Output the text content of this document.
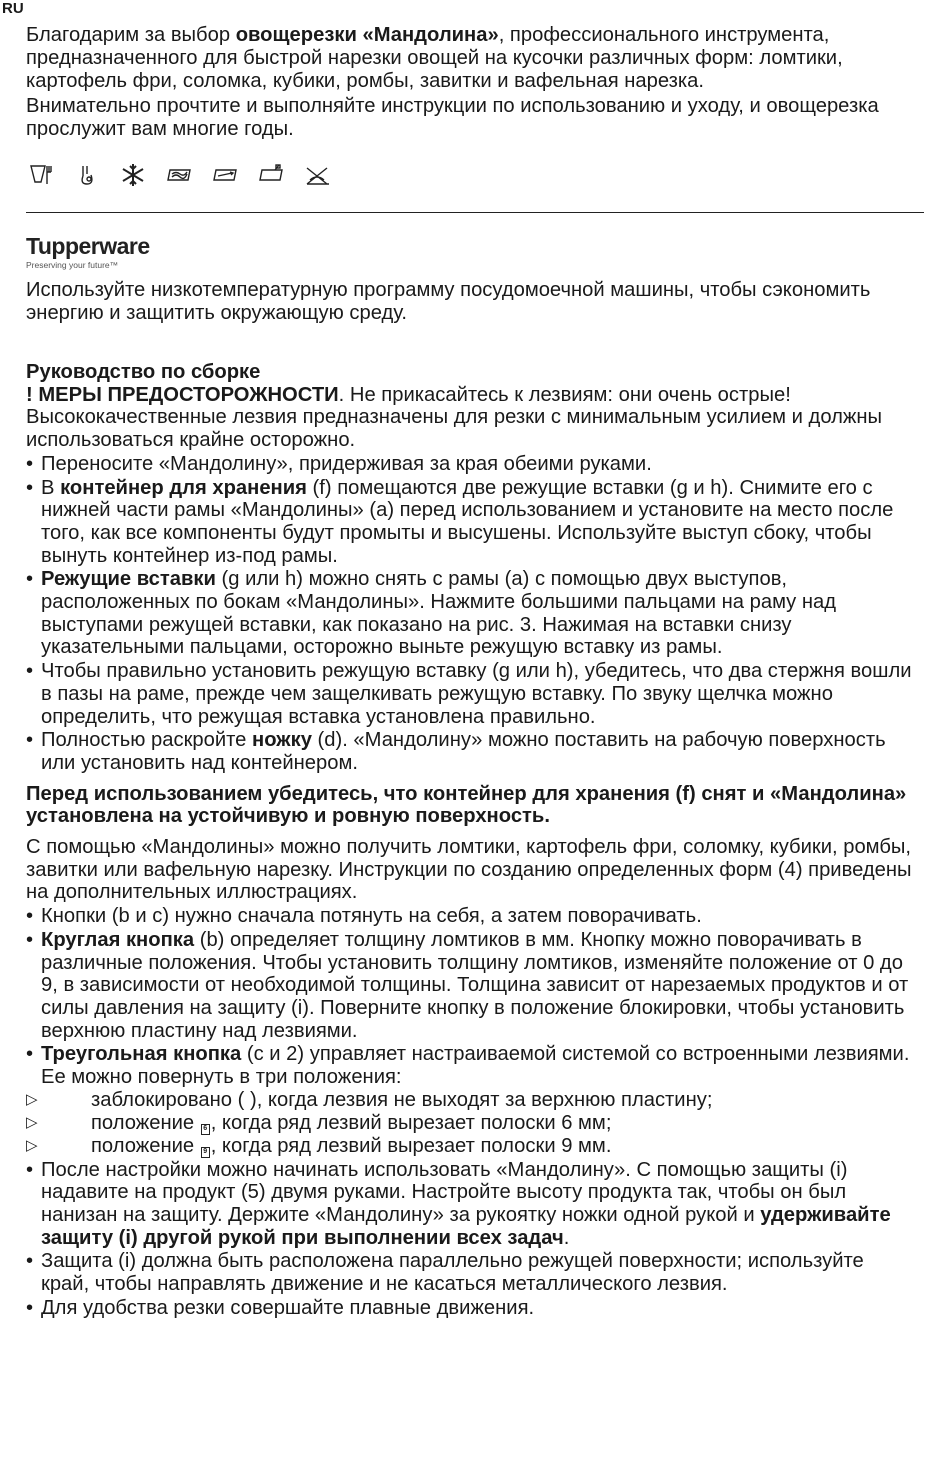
RU

Благодарим за выбор овощерезки «Мандолина», профессионального инструмента, предназначенного для быстрой нарезки овощей на кусочки различных форм: ломтики, картофель фри, соломка, кубики, ромбы, завитки и вафельная нарезка.

Внимательно прочтите и выполняйте инструкции по использованию и уходу, и овощерезка прослужит вам многие годы.

Tupperware
Preserving your future™

Используйте низкотемпературную программу посудомоечной машины, чтобы сэкономить энергию и защитить окружающую среду.

Руководство по сборке

! МЕРЫ ПРЕДОСТОРОЖНОСТИ. Не прикасайтесь к лезвиям: они очень острые! Высококачественные лезвия предназначены для резки с минимальным усилием и должны использоваться крайне осторожно.

• Переносите «Мандолину», придерживая за края обеими руками.
• В контейнер для хранения (f) помещаются две режущие вставки (g и h). Снимите его с нижней части рамы «Мандолины» (a) перед использованием и установите на место после того, как все компоненты будут промыты и высушены. Используйте выступ сбоку, чтобы вынуть контейнер из-под рамы.
• Режущие вставки (g или h) можно снять с рамы (a) с помощью двух выступов, расположенных по бокам «Мандолины». Нажмите большими пальцами на раму над выступами режущей вставки, как показано на рис. 3. Нажимая на вставки снизу указательными пальцами, осторожно выньте режущую вставку из рамы.
• Чтобы правильно установить режущую вставку (g или h), убедитесь, что два стержня вошли в пазы на раме, прежде чем защелкивать режущую вставку. По звуку щелчка можно определить, что режущая вставка установлена правильно.
• Полностью раскройте ножку (d). «Мандолину» можно поставить на рабочую поверхность или установить над контейнером.

Перед использованием убедитесь, что контейнер для хранения (f) снят и «Мандолина» установлена на устойчивую и ровную поверхность.

С помощью «Мандолины» можно получить ломтики, картофель фри, соломку, кубики, ромбы, завитки или вафельную нарезку. Инструкции по созданию определенных форм (4) приведены на дополнительных иллюстрациях.

• Кнопки (b и c) нужно сначала потянуть на себя, а затем поворачивать.
• Круглая кнопка (b) определяет толщину ломтиков в мм. Кнопку можно поворачивать в различные положения. Чтобы установить толщину ломтиков, изменяйте положение от 0 до 9, в зависимости от необходимой толщины. Толщина зависит от нарезаемых продуктов и от силы давления на защиту (i). Поверните кнопку в положение блокировки, чтобы установить верхнюю пластину над лезвиями.
• Треугольная кнопка (c и 2) управляет настраиваемой системой со встроенными лезвиями. Ее можно повернуть в три положения:
▷ заблокировано ( ), когда лезвия не выходят за верхнюю пластину;
▷ положение 6 , когда ряд лезвий вырезает полоски 6 мм;
▷ положение 9 , когда ряд лезвий вырезает полоски 9 мм.
• После настройки можно начинать использовать «Мандолину». С помощью защиты (i) надавите на продукт (5) двумя руками. Настройте высоту продукта так, чтобы он был нанизан на защиту. Держите «Мандолину» за рукоятку ножки одной рукой и удерживайте защиту (i) другой рукой при выполнении всех задач.
• Защита (i) должна быть расположена параллельно режущей поверхности; используйте край, чтобы направлять движение и не касаться металлического лезвия.
• Для удобства резки совершайте плавные движения.
